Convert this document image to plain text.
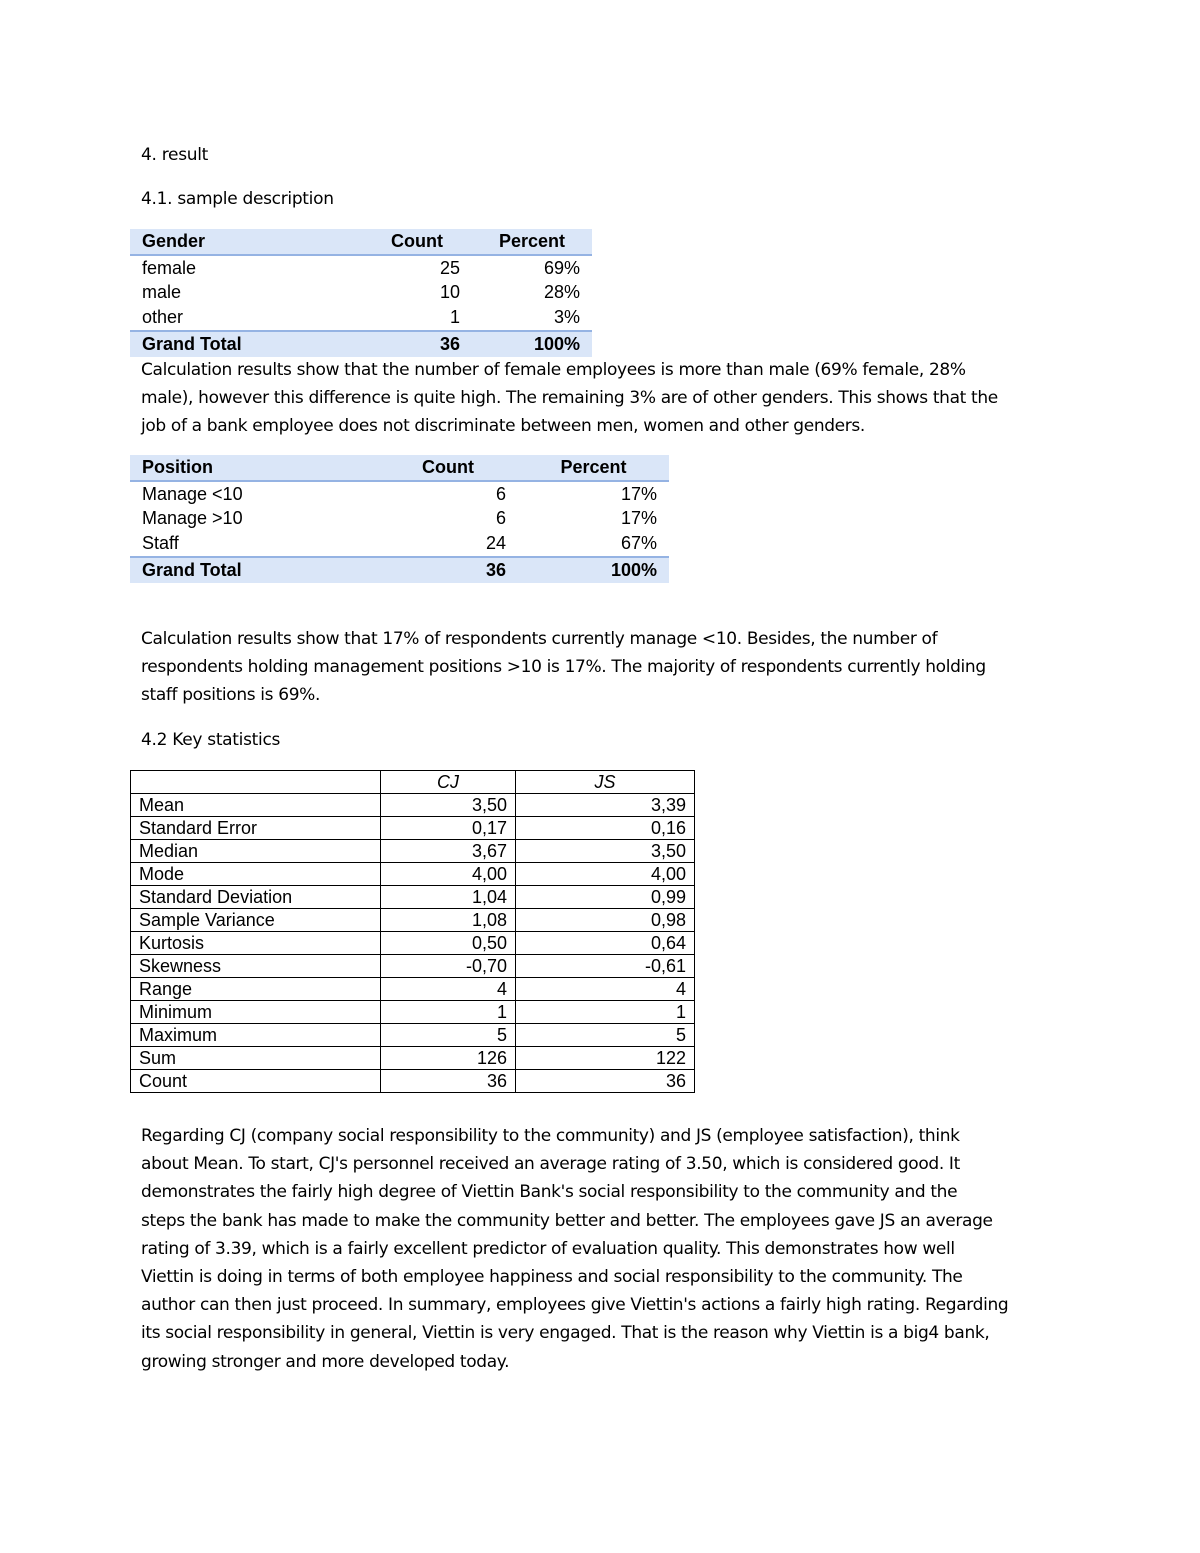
4. result
4.1. sample description
Gender	Count	Percent
female	25	69%
male	10	28%
other	1	3%
Grand Total	36	100%
Calculation results show that the number of female employees is more than male (69% female, 28%
male), however this difference is quite high. The remaining 3% are of other genders. This shows that the
job of a bank employee does not discriminate between men, women and other genders.
Position	Count	Percent
Manage <10	6	17%
Manage >10	6	17%
Staff	24	67%
Grand Total	36	100%
Calculation results show that 17% of respondents currently manage <10. Besides, the number of
respondents holding management positions >10 is 17%. The majority of respondents currently holding
staff positions is 69%.
4.2 Key statistics
	CJ	JS
Mean	3,50	3,39
Standard Error	0,17	0,16
Median	3,67	3,50
Mode	4,00	4,00
Standard Deviation	1,04	0,99
Sample Variance	1,08	0,98
Kurtosis	0,50	0,64
Skewness	-0,70	-0,61
Range	4	4
Minimum	1	1
Maximum	5	5
Sum	126	122
Count	36	36
Regarding CJ (company social responsibility to the community) and JS (employee satisfaction), think
about Mean. To start, CJ's personnel received an average rating of 3.50, which is considered good. It
demonstrates the fairly high degree of Viettin Bank's social responsibility to the community and the
steps the bank has made to make the community better and better. The employees gave JS an average
rating of 3.39, which is a fairly excellent predictor of evaluation quality. This demonstrates how well
Viettin is doing in terms of both employee happiness and social responsibility to the community. The
author can then just proceed. In summary, employees give Viettin's actions a fairly high rating. Regarding
its social responsibility in general, Viettin is very engaged. That is the reason why Viettin is a big4 bank,
growing stronger and more developed today.
